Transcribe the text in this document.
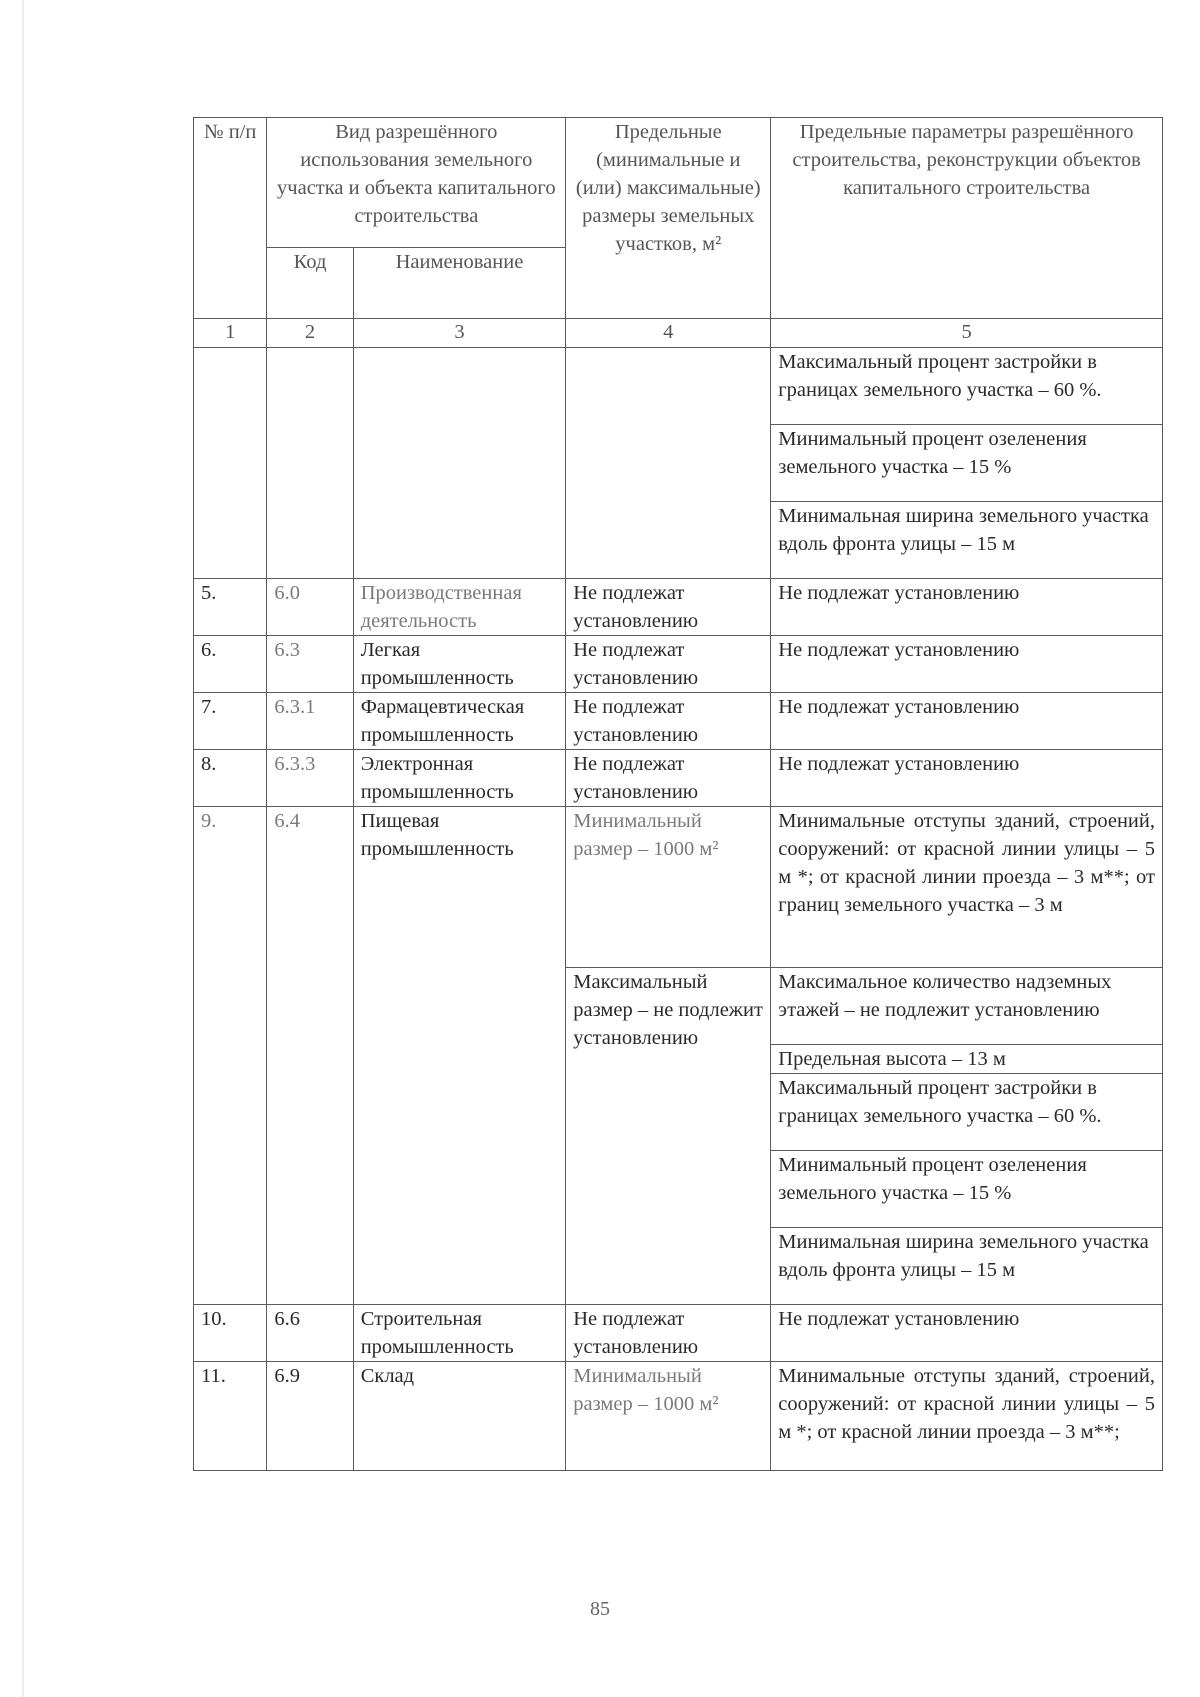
№ п/п	Вид разрешённого использования земельного участка и объекта капитального строительства		Предельные (минимальные и (или) максимальные) размеры земельных участков, м²	Предельные параметры разрешённого строительства, реконструкции объектов капитального строительства
	Код	Наименование		
1	2	3	4	5
				Максимальный процент застройки в границах земельного участка – 60 %.
				Минимальный процент озеленения земельного участка – 15 %
				Минимальная ширина земельного участка вдоль фронта улицы – 15 м
5.	6.0	Производственная деятельность	Не подлежат установлению	Не подлежат установлению
6.	6.3	Легкая промышленность	Не подлежат установлению	Не подлежат установлению
7.	6.3.1	Фармацевтическая промышленность	Не подлежат установлению	Не подлежат установлению
8.	6.3.3	Электронная промышленность	Не подлежат установлению	Не подлежат установлению
9.	6.4	Пищевая промышленность	Минимальный размер – 1000 м²	Минимальные отступы зданий, строений, сооружений: от красной линии улицы – 5 м *; от красной линии проезда – 3 м**; от границ земельного участка – 3 м
			Максимальный размер – не подлежит установлению	Максимальное количество надземных этажей – не подлежит установлению
				Предельная высота – 13 м
				Максимальный процент застройки в границах земельного участка – 60 %.
				Минимальный процент озеленения земельного участка – 15 %
				Минимальная ширина земельного участка вдоль фронта улицы – 15 м
10.	6.6	Строительная промышленность	Не подлежат установлению	Не подлежат установлению
11.	6.9	Склад	Минимальный размер – 1000 м²	Минимальные отступы зданий, строений, сооружений: от красной линии улицы – 5 м *; от красной линии проезда – 3 м**;
85
